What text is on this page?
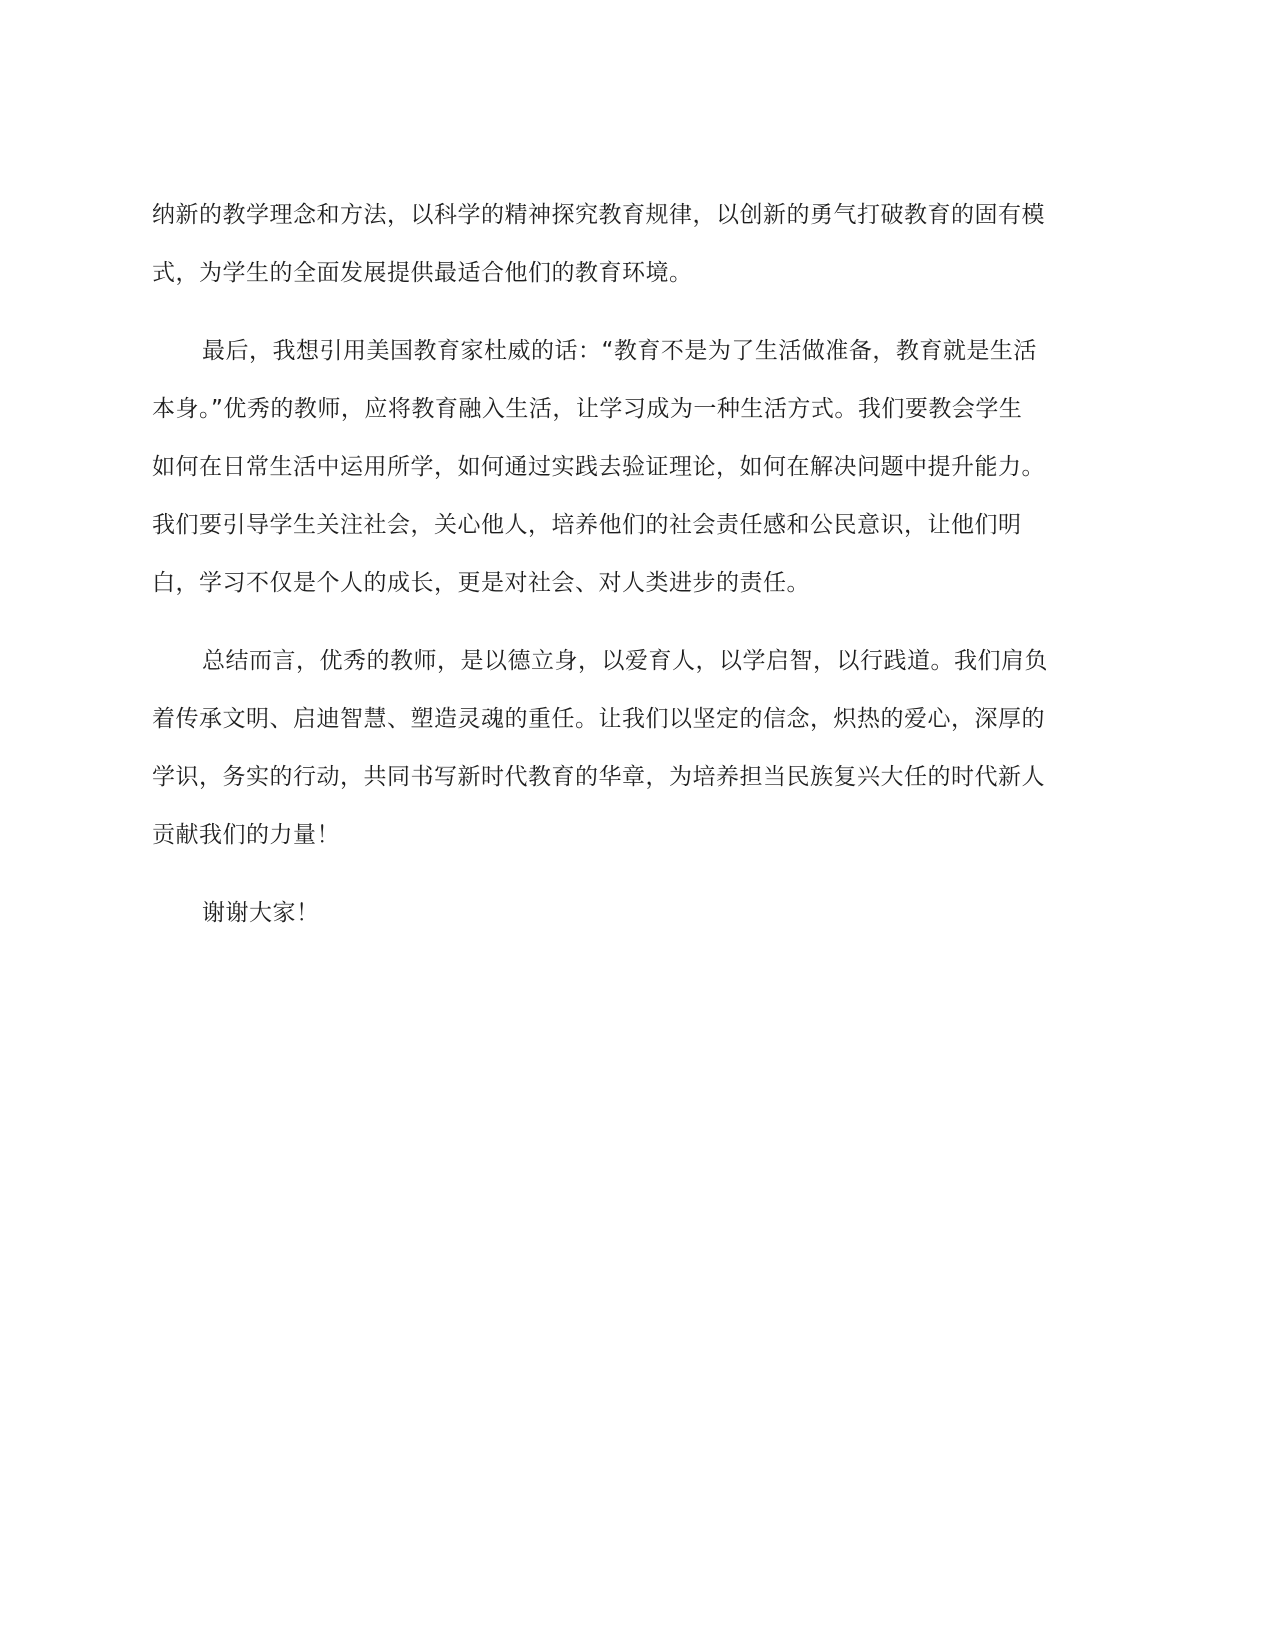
纳新的教学理念和方法，以科学的精神探究教育规律，以创新的勇气打破教育的固有模
式，为学生的全面发展提供最适合他们的教育环境。
最后，我想引用美国教育家杜威的话：“教育不是为了生活做准备，教育就是生活
本身。”优秀的教师，应将教育融入生活，让学习成为一种生活方式。我们要教会学生
如何在日常生活中运用所学，如何通过实践去验证理论，如何在解决问题中提升能力。
我们要引导学生关注社会，关心他人，培养他们的社会责任感和公民意识，让他们明
白，学习不仅是个人的成长，更是对社会、对人类进步的责任。
总结而言，优秀的教师，是以德立身，以爱育人，以学启智，以行践道。我们肩负
着传承文明、启迪智慧、塑造灵魂的重任。让我们以坚定的信念，炽热的爱心，深厚的
学识，务实的行动，共同书写新时代教育的华章，为培养担当民族复兴大任的时代新人
贡献我们的力量！
谢谢大家！
